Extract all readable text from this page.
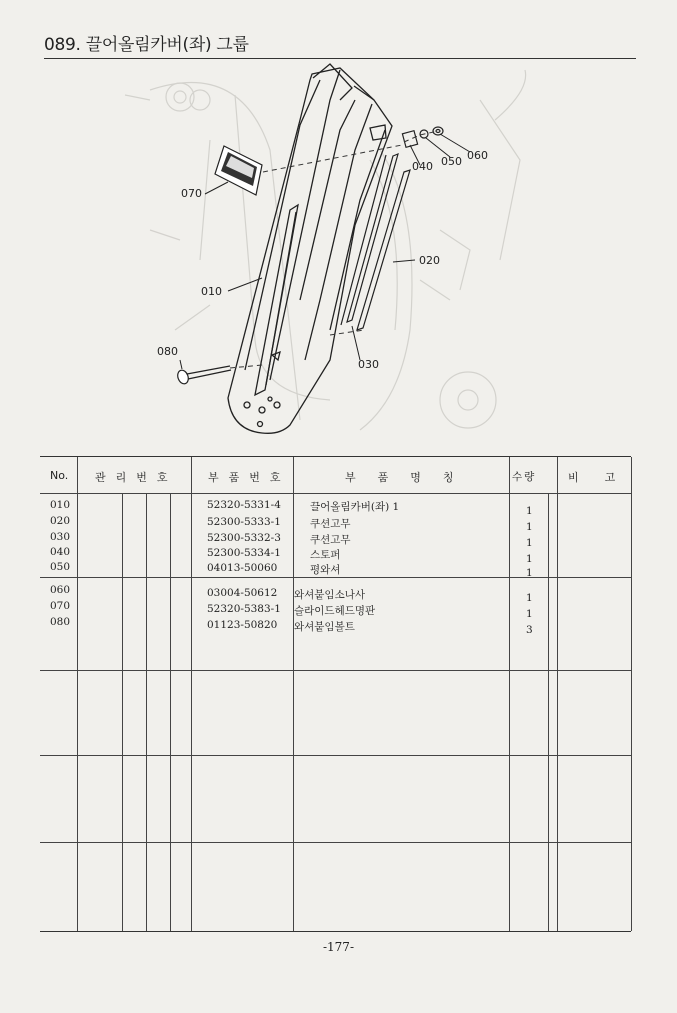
089. 끌어올림카버(좌) 그룹
070
010
020
030
040 050 060
080
No. 관리번호	부품번호	부품명칭	수량	비고
010	52320-5331-4	끌어올림카버(좌) 1	1
020	52300-5333-1	쿠션고무	1
030	52300-5332-3	쿠션고무	1
040	52300-5334-1	스토퍼	1
050	04013-50060	평와셔	1
060	03004-50612 와셔붙임소나사	1
070	52320-5383-1 슬라이드헤드명판	1
080	01123-50820 와셔붙임볼트	3
-177-
